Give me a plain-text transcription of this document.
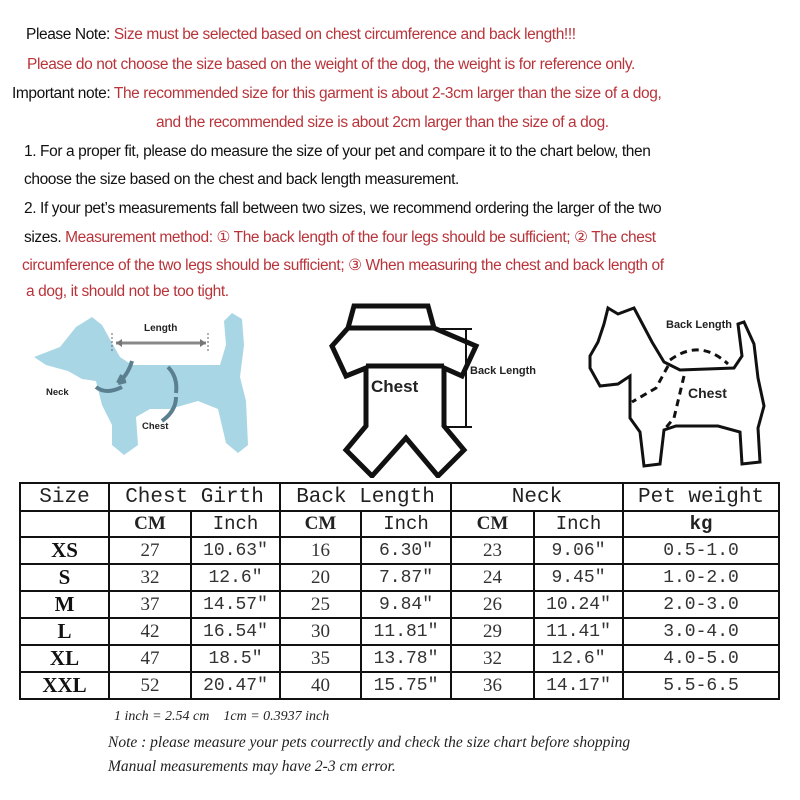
Please Note: Size must be selected based on chest circumference and back length!!!
Please do not choose the size based on the weight of the dog, the weight is for reference only.
Important note: The recommended size for this garment is about 2-3cm larger than the size of a dog,
and the recommended size is about 2cm larger than the size of a dog.
1. For a proper fit, please do measure the size of your pet and compare it to the chart below, then
choose the size based on the chest and back length measurement.
2. If your pet’s measurements fall between two sizes, we recommend ordering the larger of the two
sizes. Measurement method: ① The back length of the four legs should be sufficient; ② The chest
circumference of the two legs should be sufficient; ③ When measuring the chest and back length of
a dog, it should not be too tight.
Length
Neck
Chest
Chest
Back Length
Back Length
Chest
Size	Chest Girth		Back Length		Neck		Pet weight
	CM	Inch	CM	Inch	CM	Inch	kg
XS	27	10.63″	16	6.30″	23	9.06″	0.5-1.0
S	32	12.6″	20	7.87″	24	9.45″	1.0-2.0
M	37	14.57″	25	9.84″	26	10.24″	2.0-3.0
L	42	16.54″	30	11.81″	29	11.41″	3.0-4.0
XL	47	18.5″	35	13.78″	32	12.6″	4.0-5.0
XXL	52	20.47″	40	15.75″	36	14.17″	5.5-6.5
1 inch = 2.54 cm    1cm = 0.3937 inch
Note : please measure your pets courrectly and check the size chart before shopping
Manual measurements may have 2-3 cm error.
